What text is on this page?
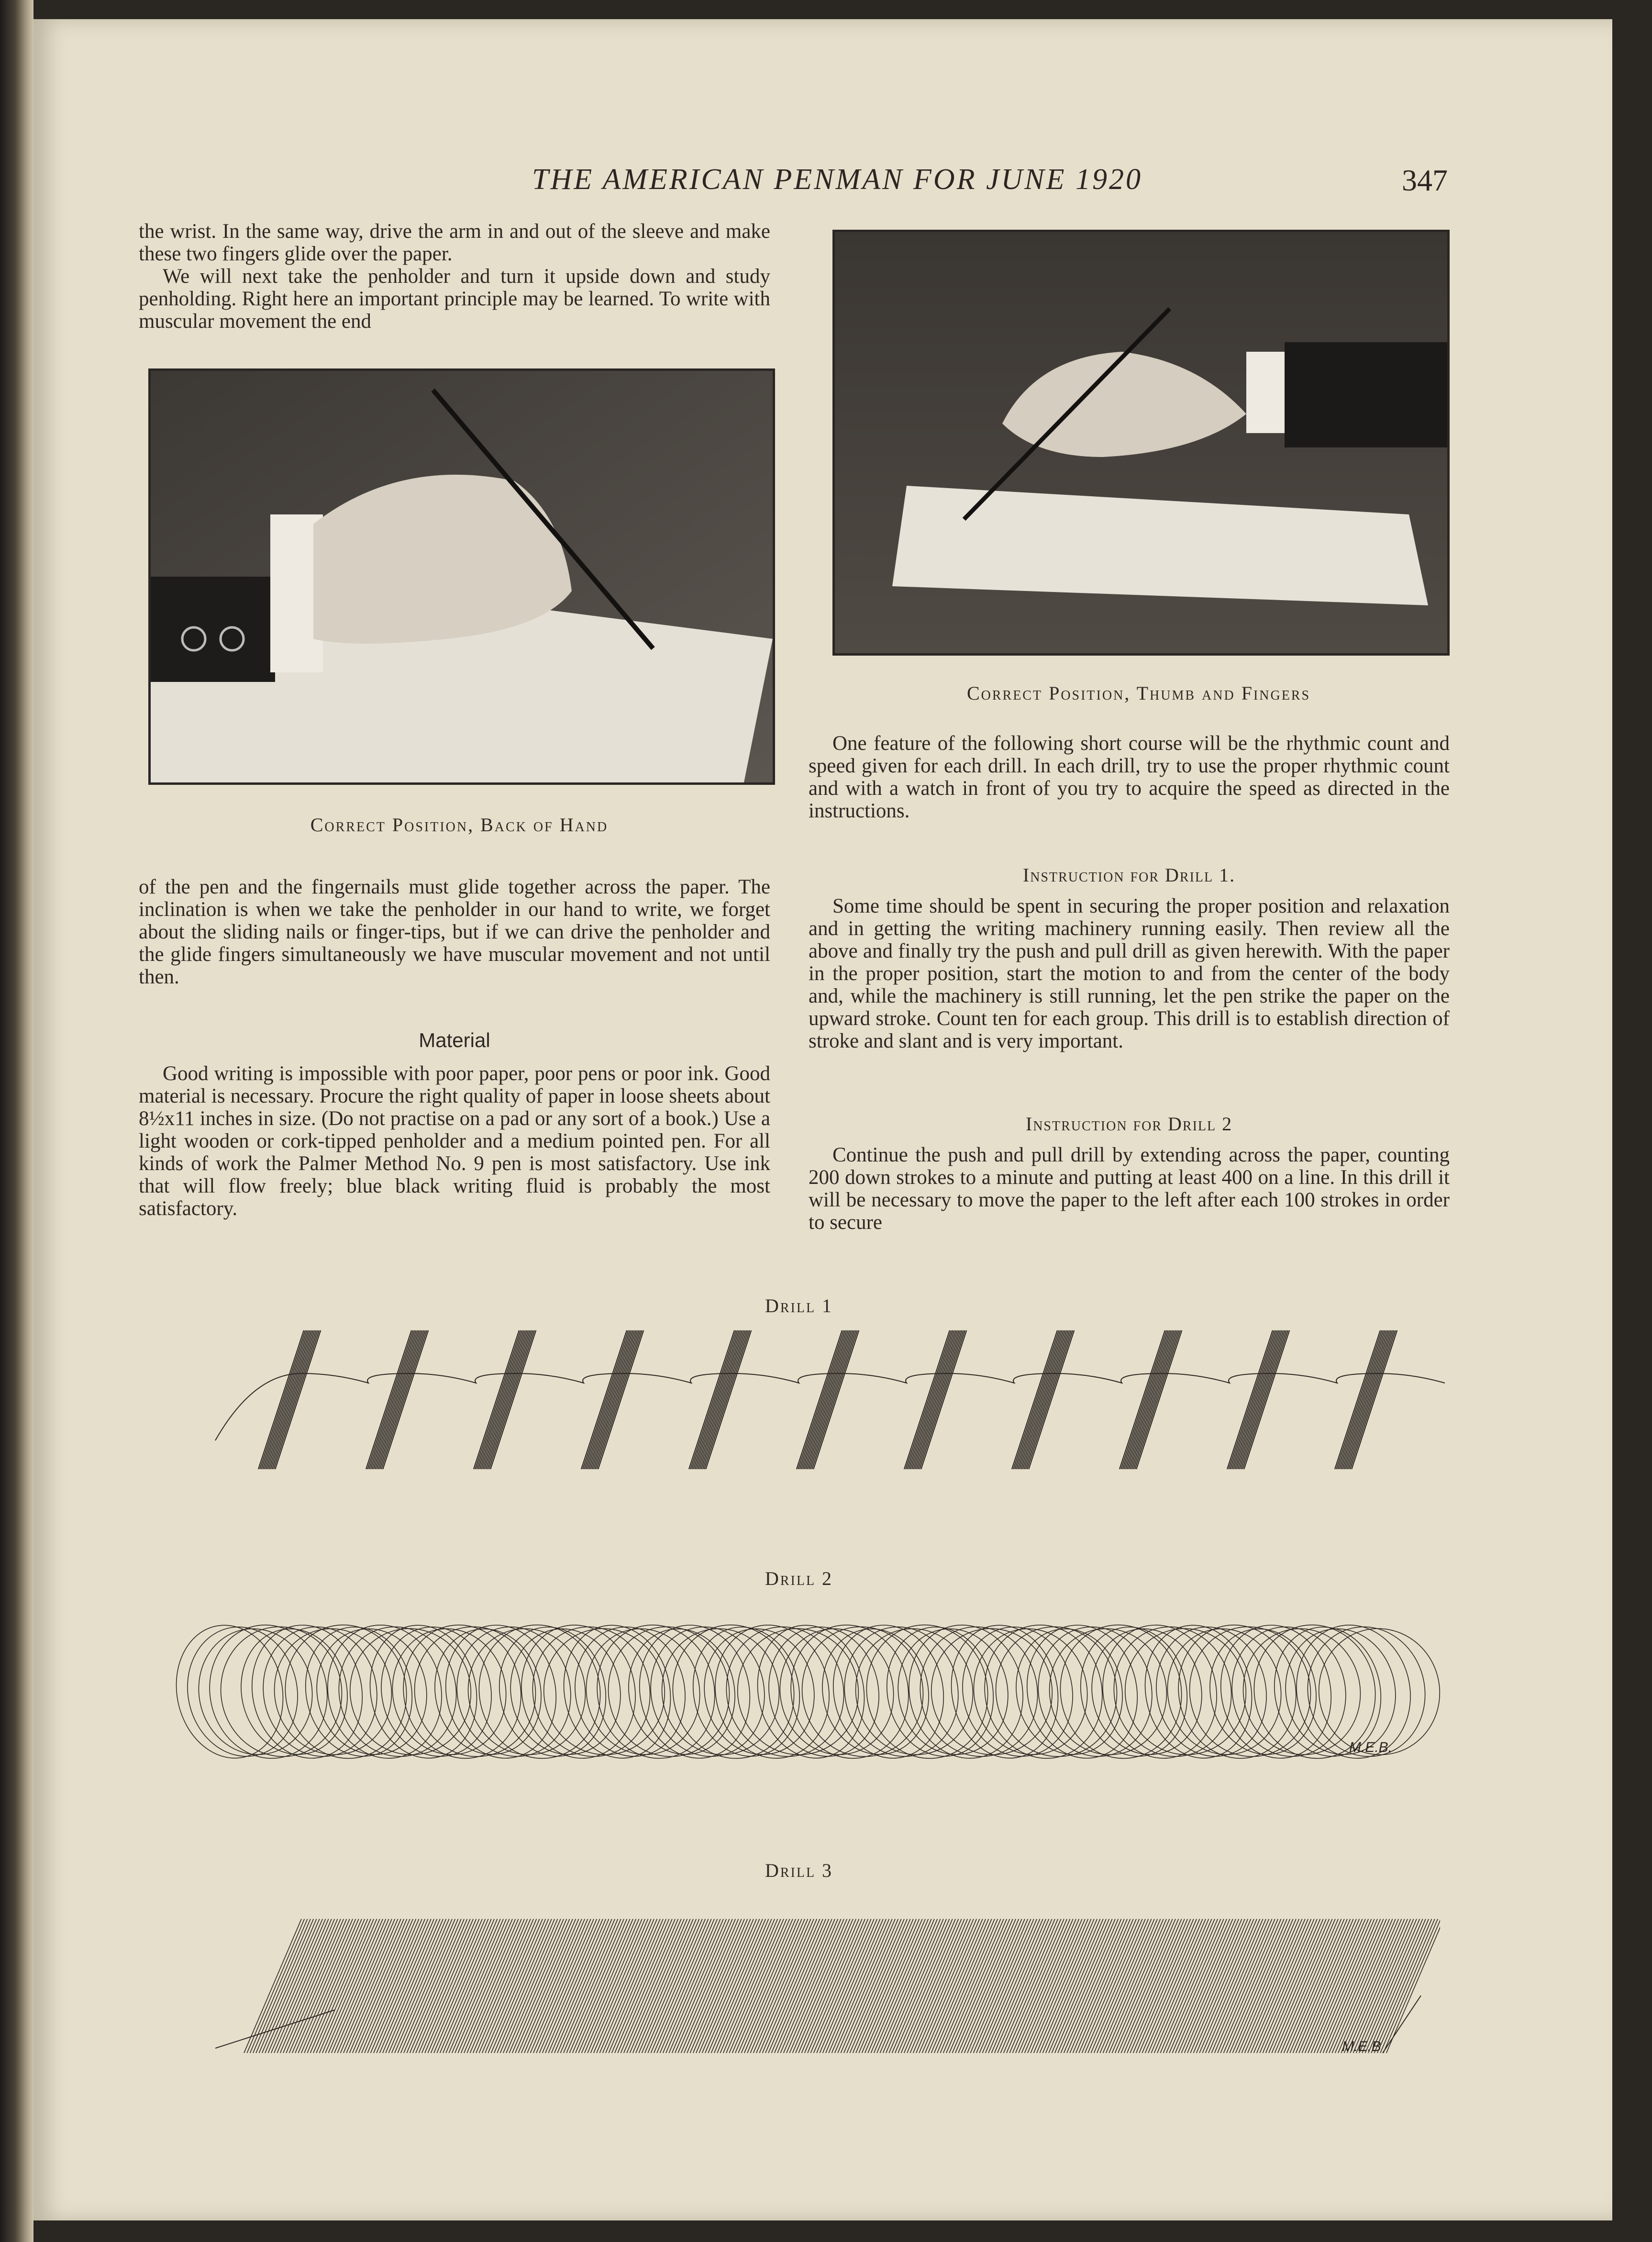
THE AMERICAN PENMAN FOR JUNE 1920	347

the wrist. In the same way, drive the arm in and out of the sleeve and make these two fingers glide over the paper.

We will next take the penholder and turn it upside down and study penholding. Right here an important principle may be learned. To write with muscular movement the end

Correct Position, Back of Hand

of the pen and the fingernails must glide together across the paper. The inclination is when we take the penholder in our hand to write, we forget about the sliding nails or finger-tips, but if we can drive the penholder and the glide fingers simultaneously we have muscular movement and not until then.

Material

Good writing is impossible with poor paper, poor pens or poor ink. Good material is necessary. Procure the right quality of paper in loose sheets about 8½x11 inches in size. (Do not practise on a pad or any sort of a book.) Use a light wooden or cork-tipped penholder and a medium pointed pen. For all kinds of work the Palmer Method No. 9 pen is most satisfactory. Use ink that will flow freely; blue black writing fluid is probably the most satisfactory.

Correct Position, Thumb and Fingers

One feature of the following short course will be the rhythmic count and speed given for each drill. In each drill, try to use the proper rhythmic count and with a watch in front of you try to acquire the speed as directed in the instructions.

Instruction for Drill 1.

Some time should be spent in securing the proper position and relaxation and in getting the writing machinery running easily. Then review all the above and finally try the push and pull drill as given herewith. With the paper in the proper position, start the motion to and from the center of the body and, while the machinery is still running, let the pen strike the paper on the upward stroke. Count ten for each group. This drill is to establish direction of stroke and slant and is very important.

Instruction for Drill 2

Continue the push and pull drill by extending across the paper, counting 200 down strokes to a minute and putting at least 400 on a line. In this drill it will be necessary to move the paper to the left after each 100 strokes in order to secure

Drill 1
Drill 2
M.E.B.
Drill 3
M.E.B
